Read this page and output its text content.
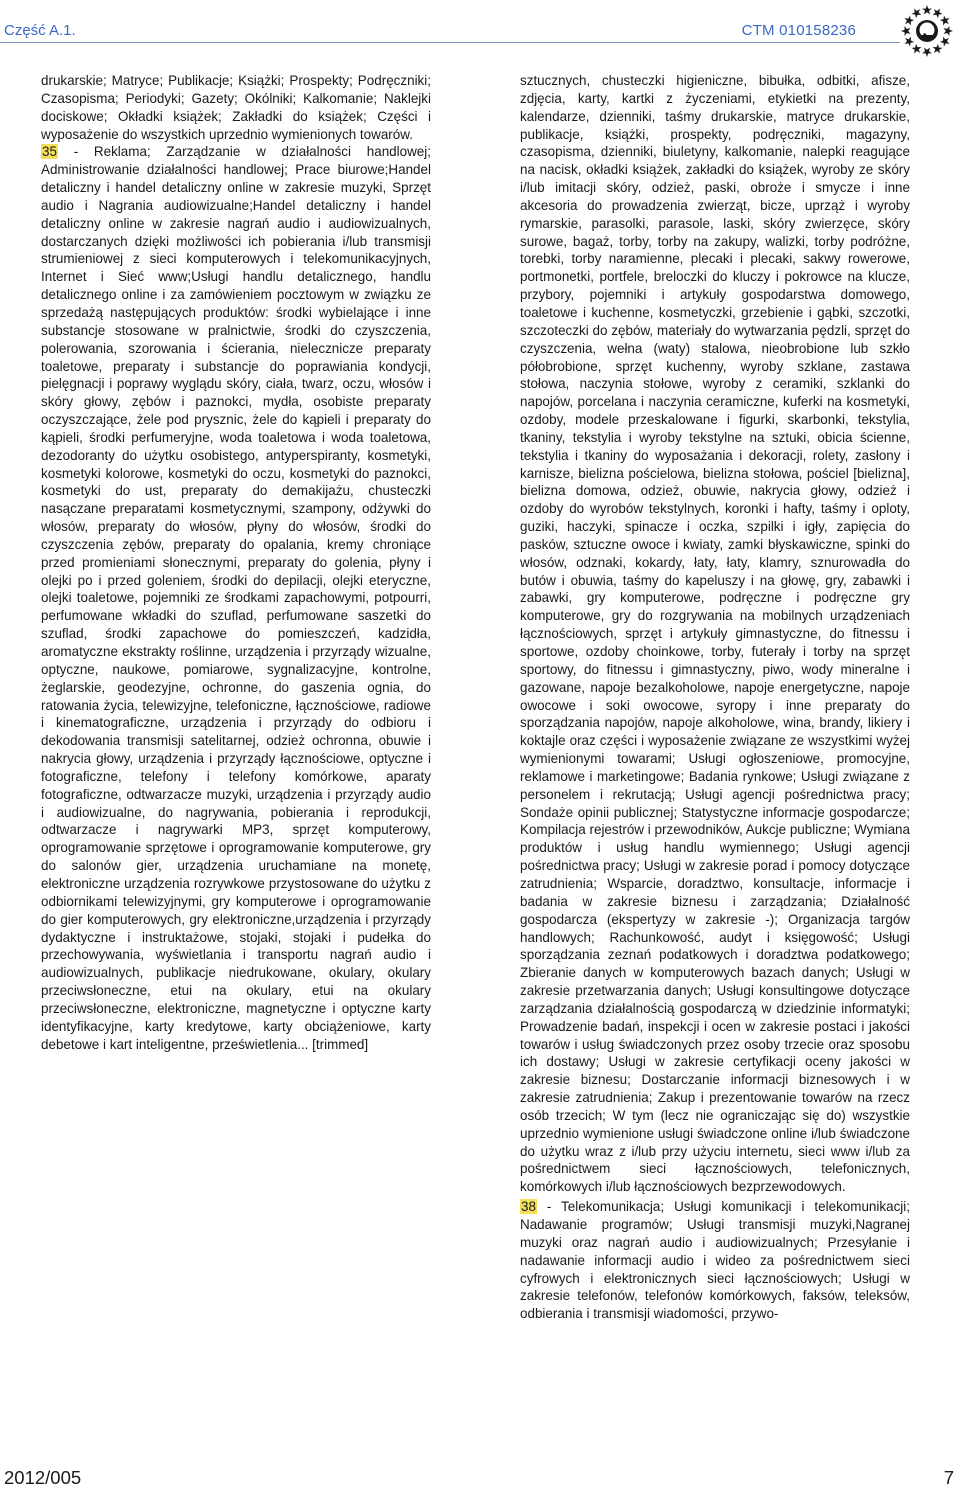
Część A.1.	CTM 010158236

drukarskie; Matryce; Publikacje; Książki; Prospekty; Podręczniki; Czasopisma; Periodyki; Gazety; Okólniki; Kalkomanie; Naklejki dociskowe; Okładki książek; Zakładki do książek; Części i wyposażenie do wszystkich uprzednio wymienionych towarów.

35 - Reklama; Zarządzanie w działalności handlowej; Administrowanie działalności handlowej; Prace biurowe;Handel detaliczny i handel detaliczny online w zakresie muzyki, Sprzęt audio i Nagrania audiowizualne;Handel detaliczny i handel detaliczny online w zakresie nagrań audio i audiowizualnych, dostarczanych dzięki możliwości ich pobierania i/lub transmisji strumieniowej z sieci komputerowych i telekomunikacyjnych, Internet i Sieć www;Usługi handlu detalicznego, handlu detalicznego online i za zamówieniem pocztowym w związku ze sprzedażą następujących produktów: środki wybielające i inne substancje stosowane w pralnictwie, środki do czyszczenia, polerowania, szorowania i ścierania, nielecznicze preparaty toaletowe, preparaty i substancje do poprawiania kondycji, pielęgnacji i poprawy wyglądu skóry, ciała, twarz, oczu, włosów i skóry głowy, zębów i paznokci, mydła, osobiste preparaty oczyszczające, żele pod prysznic, żele do kąpieli i preparaty do kąpieli, środki perfumeryjne, woda toaletowa i woda toaletowa, dezodoranty do użytku osobistego, antyperspiranty, kosmetyki, kosmetyki kolorowe, kosmetyki do oczu, kosmetyki do paznokci, kosmetyki do ust, preparaty do demakijażu, chusteczki nasączane preparatami kosmetycznymi, szampony, odżywki do włosów, preparaty do włosów, płyny do włosów, środki do czyszczenia zębów, preparaty do opalania, kremy chroniące przed promieniami słonecznymi, preparaty do golenia, płyny i olejki po i przed goleniem, środki do depilacji, olejki eteryczne, olejki toaletowe, pojemniki ze środkami zapachowymi, potpourri, perfumowane wkładki do szuflad, perfumowane saszetki do szuflad, środki zapachowe do pomieszczeń, kadzidła, aromatyczne ekstrakty roślinne, urządzenia i przyrządy wizualne, optyczne, naukowe, pomiarowe, sygnalizacyjne, kontrolne, żeglarskie, geodezyjne, ochronne, do gaszenia ognia, do ratowania życia, telewizyjne, telefoniczne, łącznościowe, radiowe i kinematograficzne, urządzenia i przyrządy do odbioru i dekodowania transmisji satelitarnej, odzież ochronna, obuwie i nakrycia głowy, urządzenia i przyrządy łącznościowe, optyczne i fotograficzne, telefony i telefony komórkowe, aparaty fotograficzne, odtwarzacze muzyki, urządzenia i przyrządy audio i audiowizualne, do nagrywania, pobierania i reprodukcji, odtwarzacze i nagrywarki MP3, sprzęt komputerowy, oprogramowanie sprzętowe i oprogramowanie komputerowe, gry do salonów gier, urządzenia uruchamiane na monetę, elektroniczne urządzenia rozrywkowe przystosowane do użytku z odbiornikami telewizyjnymi, gry komputerowe i oprogramowanie do gier komputerowych, gry elektroniczne,urządzenia i przyrządy dydaktyczne i instruktażowe, stojaki, stojaki i pudełka do przechowywania, wyświetlania i transportu nagrań audio i audiowizualnych, publikacje niedrukowane, okulary, okulary przeciwsłoneczne, etui na okulary, etui na okulary przeciwsłoneczne, elektroniczne, magnetyczne i optyczne karty identyfikacyjne, karty kredytowe, karty obciążeniowe, karty debetowe i kart inteligentne, prześwietlenia... [trimmed]

sztucznych, chusteczki higieniczne, bibułka, odbitki, afisze, zdjęcia, karty, kartki z życzeniami, etykietki na prezenty, kalendarze, dzienniki, taśmy drukarskie, matryce drukarskie, publikacje, książki, prospekty, podręczniki, magazyny, czasopisma, dzienniki, biuletyny, kalkomanie, nalepki reagujące na nacisk, okładki książek, zakładki do książek, wyroby ze skóry i/lub imitacji skóry, odzież, paski, obroże i smycze i inne akcesoria do prowadzenia zwierząt, bicze, uprząż i wyroby rymarskie, parasolki, parasole, laski, skóry zwierzęce, skóry surowe, bagaż, torby, torby na zakupy, walizki, torby podróżne, torebki, torby naramienne, plecaki i plecaki, sakwy rowerowe, portmonetki, portfele, breloczki do kluczy i pokrowce na klucze, przybory, pojemniki i artykuły gospodarstwa domowego, toaletowe i kuchenne, kosmetyczki, grzebienie i gąbki, szczotki, szczoteczki do zębów, materiały do wytwarzania pędzli, sprzęt do czyszczenia, wełna (waty) stalowa, nieobrobione lub szkło półobrobione, sprzęt kuchenny, wyroby szklane, zastawa stołowa, naczynia stołowe, wyroby z ceramiki, szklanki do napojów, porcelana i naczynia ceramiczne, kuferki na kosmetyki, ozdoby, modele przeskalowane i figurki, skarbonki, tekstylia, tkaniny, tekstylia i wyroby tekstylne na sztuki, obicia ścienne, tekstylia i tkaniny do wyposażania i dekoracji, rolety, zasłony i karnisze, bielizna pościelowa, bielizna stołowa, pościel [bielizna], bielizna domowa, odzież, obuwie, nakrycia głowy, odzież i ozdoby do wyrobów tekstylnych, koronki i hafty, taśmy i oploty, guziki, haczyki, spinacze i oczka, szpilki i igły, zapięcia do pasków, sztuczne owoce i kwiaty, zamki błyskawiczne, spinki do włosów, odznaki, kokardy, łaty, łaty, klamry, sznurowadła do butów i obuwia, taśmy do kapeluszy i na głowę, gry, zabawki i zabawki, gry komputerowe, podręczne i podręczne gry komputerowe, gry do rozgrywania na mobilnych urządzeniach łącznościowych, sprzęt i artykuły gimnastyczne, do fitnessu i sportowe, ozdoby choinkowe, torby, futerały i torby na sprzęt sportowy, do fitnessu i gimnastyczny, piwo, wody mineralne i gazowane, napoje bezalkoholowe, napoje energetyczne, napoje owocowe i soki owocowe, syropy i inne preparaty do sporządzania napojów, napoje alkoholowe, wina, brandy, likiery i koktajle oraz części i wyposażenie związane ze wszystkimi wyżej wymienionymi towarami; Usługi ogłoszeniowe, promocyjne, reklamowe i marketingowe; Badania rynkowe; Usługi związane z personelem i rekrutacją; Usługi agencji pośrednictwa pracy; Sondaże opinii publicznej; Statystyczne informacje gospodarcze; Kompilacja rejestrów i przewodników, Aukcje publiczne; Wymiana produktów i usług handlu wymiennego; Usługi agencji pośrednictwa pracy; Usługi w zakresie porad i pomocy dotyczące zatrudnienia; Wsparcie, doradztwo, konsultacje, informacje i badania w zakresie biznesu i zarządzania; Działalność gospodarcza (ekspertyzy w zakresie -); Organizacja targów handlowych; Rachunkowość, audyt i księgowość; Usługi sporządzania zeznań podatkowych i doradztwa podatkowego; Zbieranie danych w komputerowych bazach danych; Usługi w zakresie przetwarzania danych; Usługi konsultingowe dotyczące zarządzania działalnością gospodarczą w dziedzinie informatyki; Prowadzenie badań, inspekcji i ocen w zakresie postaci i jakości towarów i usług świadczonych przez osoby trzecie oraz sposobu ich dostawy; Usługi w zakresie certyfikacji oceny jakości w zakresie biznesu; Dostarczanie informacji biznesowych i w zakresie zatrudnienia; Zakup i prezentowanie towarów na rzecz osób trzecich; W tym (lecz nie ograniczając się do) wszystkie uprzednio wymienione usługi świadczone online i/lub świadczone do użytku wraz z i/lub przy użyciu internetu, sieci www i/lub za pośrednictwem sieci łącznościowych, telefonicznych, komórkowych i/lub łącznościowych bezprzewodowych.

38 - Telekomunikacja; Usługi komunikacji i telekomunikacji; Nadawanie programów; Usługi transmisji muzyki,Nagranej muzyki oraz nagrań audio i audiowizualnych; Przesyłanie i nadawanie informacji audio i wideo za pośrednictwem sieci cyfrowych i elektronicznych sieci łącznościowych; Usługi w zakresie telefonów, telefonów komórkowych, faksów, teleksów, odbierania i transmisji wiadomości, przywo-

2012/005	7
